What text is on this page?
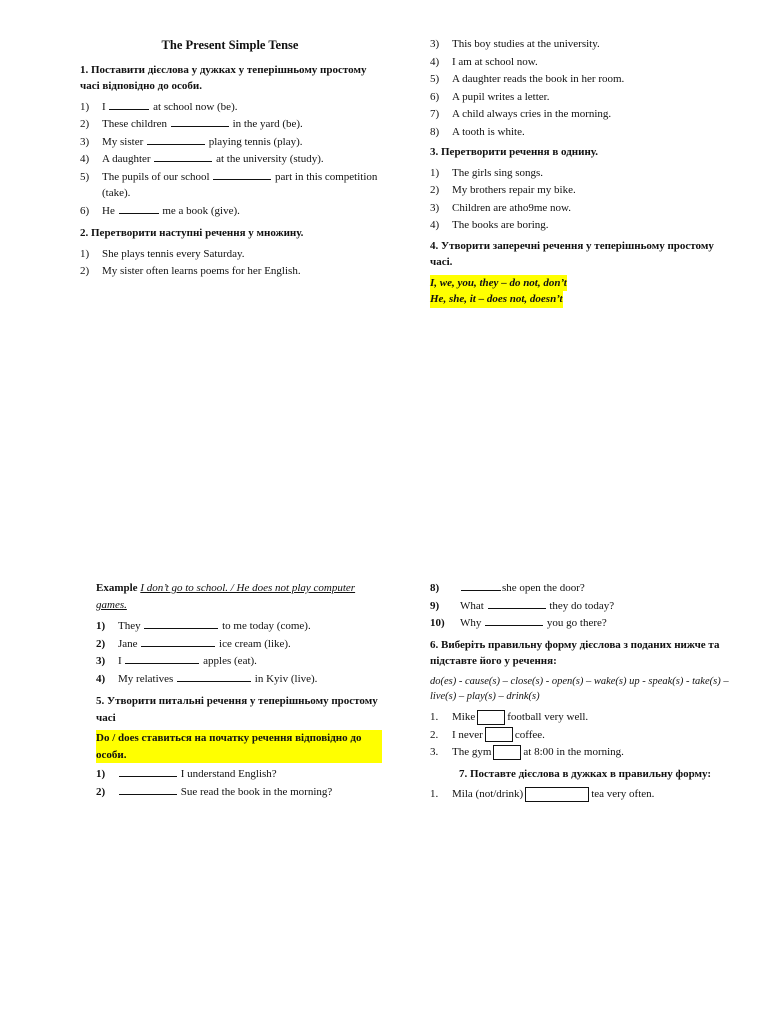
The Present Simple Tense
1. Поставити дієслова у дужках у теперішньому простому часі відповідно до особи.
1)	I	at school now (be).
2)	These children	in the yard (be).
3)	My sister	playing tennis (play).
4)	A daughter	at the university (study).
5)	The pupils of our school	part in this competition (take).
6)	He	me a book (give).
2. Перетворити наступні речення у множину.
1)	She plays tennis every Saturday.
2)	My sister often learns poems for her English.
3)	This boy studies at the university.
4)	I am at school now.
5)	A daughter reads the book in her room.
6)	A pupil writes a letter.
7)	A child always cries in the morning.
8)	A tooth is white.
3. Перетворити речення в однину.
1)	The girls sing songs.
2)	My brothers repair my bike.
3)	Children are atho9me now.
4)	The books are boring.
4. Утворити заперечні речення у теперішньому простому часі.
I, we, you, they – do not, don’t
He, she, it – does not, doesn’t
Example I don’t go to school. / He does not play computer games.
1)	They	to me today (come).
2)	Jane	ice cream (like).
3)	I	apples (eat).
4)	My relatives	in Kyiv (live).
5. Утворити питальні речення у теперішньому простому часі
Do / does ставиться на початку речення відповідно до особи.
1)	I understand English?
2)	Sue read the book in the morning?
8)	she open the door?
9)	What	they do today?
10)	Why	you go there?
6. Виберіть правильну форму дієслова з поданих нижче та підставте його у речення:
do(es) - cause(s) – close(s) - open(s) – wake(s) up - speak(s) - take(s) – live(s) – play(s) – drink(s)
1.	Mike	football very well.
2.	I never	coffee.
3.	The gym	at 8:00 in the morning.
7. Поставте дієслова в дужках в правильну форму:
1.	Mila (not/drink)	tea very often.
